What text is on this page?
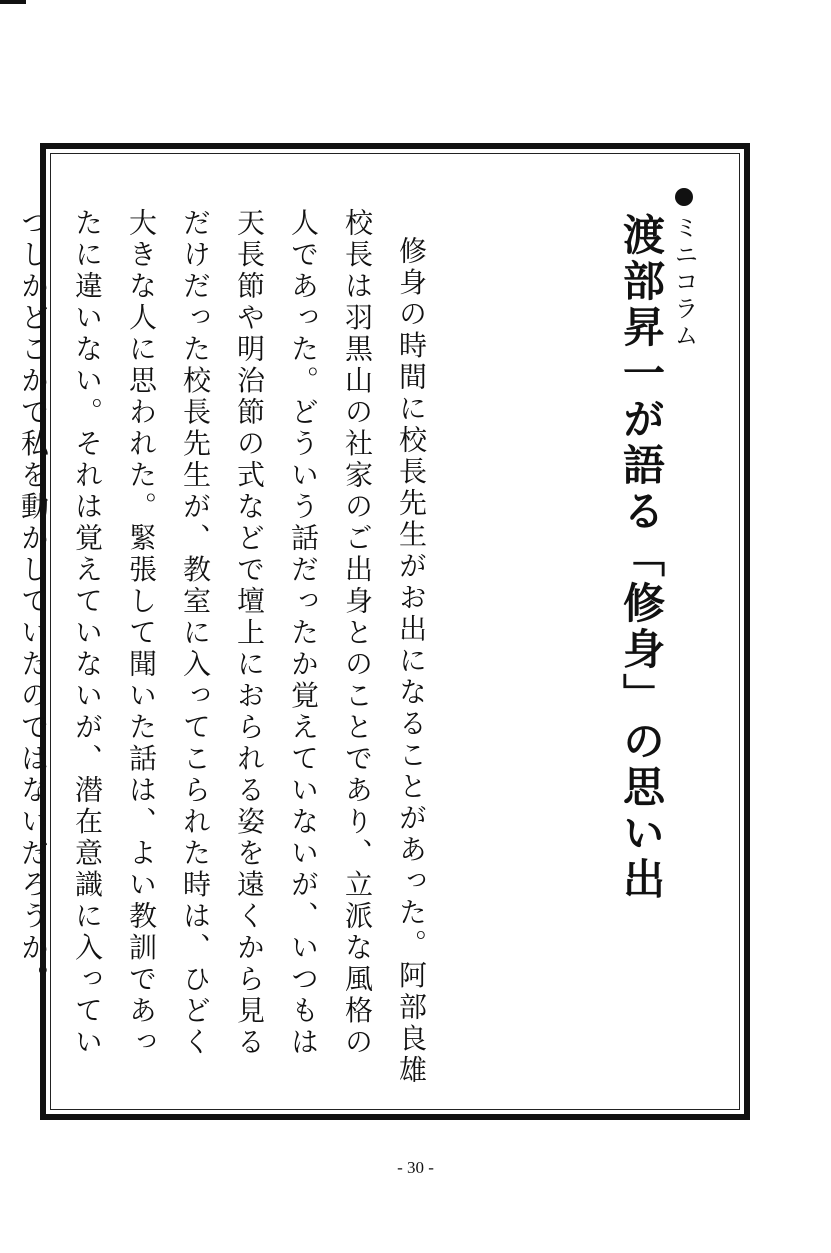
ミニコラム
渡部昇一が語る「修身」の思い出

修身の時間に校長先生がお出になることがあった。阿部良雄校長は羽黒山の社家のご出身とのことであり、立派な風格の人であった。どういう話だったか覚えていないが、いつもは天長節や明治節の式などで壇上におられる姿を遠くから見るだけだった校長先生が、教室に入ってこられた時は、ひどく大きな人に思われた。緊張して聞いた話は、よい教訓であったに違いない。それは覚えていないが、潜在意識に入っていつしかどこかで私を動かしていたのではないだろうか。

- 30 -
